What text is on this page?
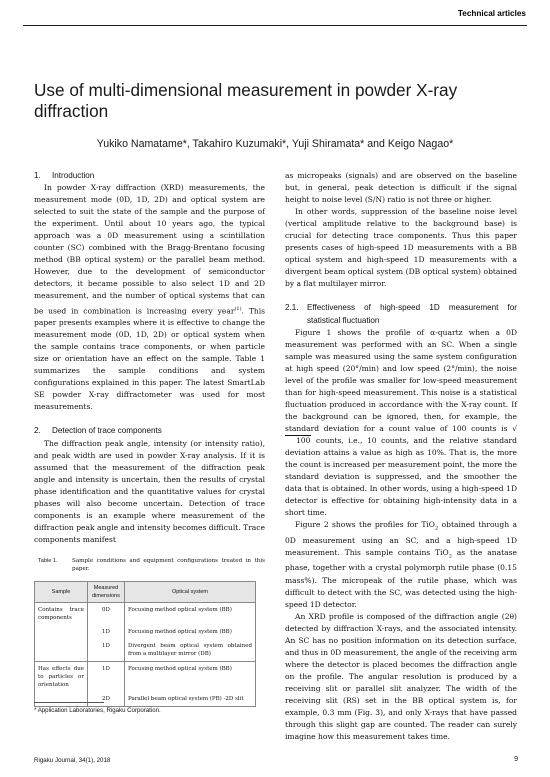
Technical articles
Use of multi-dimensional measurement in powder X-ray diffraction
Yukiko Namatame*, Takahiro Kuzumaki*, Yuji Shiramata* and Keigo Nagao*
1.	Introduction

In powder X-ray diffraction (XRD) measurements, the measurement mode (0D, 1D, 2D) and optical system are selected to suit the state of the sample and the purpose of the experiment. Until about 10 years ago, the typical approach was a 0D measurement using a scintillation counter (SC) combined with the Bragg-Brentano focusing method (BB optical system) or the parallel beam method. However, due to the development of semiconductor detectors, it became possible to also select 1D and 2D measurement, and the number of optical systems that can be used in combination is increasing every year$^{(1)}$. This paper presents examples where it is effective to change the measurement mode (0D, 1D, 2D) or optical system when the sample contains trace components, or when particle size or orientation have an effect on the sample. Table 1 summarizes the sample conditions and system configurations explained in this paper. The latest SmartLab SE powder X-ray diffractometer was used for most measurements.

2.	Detection of trace components

The diffraction peak angle, intensity (or intensity ratio), and peak width are used in powder X-ray analysis. If it is assumed that the measurement of the diffraction peak angle and intensity is uncertain, then the results of crystal phase identification and the quantitative values for crystal phases will also become uncertain. Detection of trace components is an example where measurement of the diffraction peak angle and intensity becomes difficult. Trace components manifest

Table 1.	Sample conditions and equipment configurations treated in this paper.
Sample	Measured dimensions	Optical system
Contains trace components	0D	Focusing method optical system (BB)
	1D	Focusing method optical system (BB)
	1D	Divergent beam optical system obtained from a multilayer mirror (DB)
Has effects due to particles or orientation	1D	Focusing method optical system (BB)
	2D	Parallel beam optical system (PB) -2D slit

as micropeaks (signals) and are observed on the baseline but, in general, peak detection is difficult if the signal height to noise level (S/N) ratio is not three or higher.

In other words, suppression of the baseline noise level (vertical amplitude relative to the background base) is crucial for detecting trace components. Thus this paper presents cases of high-speed 1D measurements with a BB optical system and high-speed 1D measurements with a divergent beam optical system (DB optical system) obtained by a flat multilayer mirror.

2.1.	Effectiveness of high-speed 1D measurement for statistical fluctuation

Figure 1 shows the profile of α-quartz when a 0D measurement was performed with an SC. When a single sample was measured using the same system configuration at high speed (20°/min) and low speed (2°/min), the noise level of the profile was smaller for low-speed measurement than for high-speed measurement. This noise is a statistical fluctuation produced in accordance with the X-ray count. If the background can be ignored, then, for example, the standard deviation for a count value of 100 counts is √100 counts, i.e., 10 counts, and the relative standard deviation attains a value as high as 10%. That is, the more the count is increased per measurement point, the more the standard deviation is suppressed, and the smoother the data that is obtained. In other words, using a high-speed 1D detector is effective for obtaining high-intensity data in a short time.

Figure 2 shows the profiles for TiO$_2$ obtained through a 0D measurement using an SC, and a high-speed 1D measurement. This sample contains TiO$_2$ as the anatase phase, together with a crystal polymorph rutile phase (0.15 mass%). The micropeak of the rutile phase, which was difficult to detect with the SC, was detected using the high-speed 1D detector.

An XRD profile is composed of the diffraction angle (2θ) detected by diffraction X-rays, and the associated intensity. An SC has no position information on its detection surface, and thus in 0D measurement, the angle of the receiving arm where the detector is placed becomes the diffraction angle on the profile. The angular resolution is produced by a receiving slit or parallel slit analyzer. The width of the receiving slit (RS) set in the BB optical system is, for example, 0.3 mm (Fig. 3), and only X-rays that have passed through this slight gap are counted. The reader can surely imagine how this measurement takes time.

* Application Laboratories, Rigaku Corporation.
Rigaku Journal, 34(1), 2018	9
